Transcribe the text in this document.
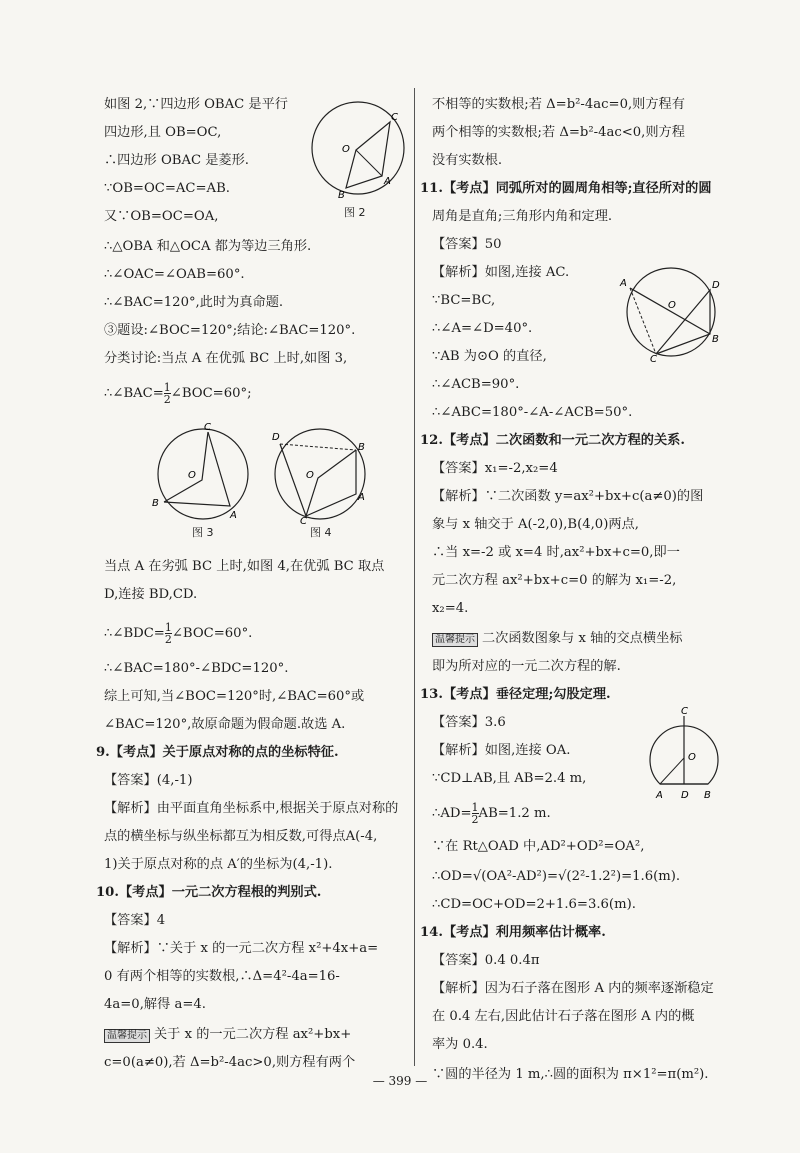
如图 2,∵四边形 OBAC 是平行
四边形,且 OB=OC,
∴四边形 OBAC 是菱形.
∵OB=OC=AC=AB.
又∵OB=OC=OA,
∴△OBA 和△OCA 都为等边三角形.
∴∠OAC=∠OAB=60°.
∴∠BAC=120°,此时为真命题.
③题设:∠BOC=120°;结论:∠BAC=120°.
分类讨论:当点 A 在优弧 BC 上时,如图 3,
∴∠BAC= $\frac{1}{2}$ ∠BOC=60°;
当点 A 在劣弧 BC 上时,如图 4,在优弧 BC 取点
D,连接 BD,CD.
∴∠BDC= $\frac{1}{2}$ ∠BOC=60°.
∴∠BAC=180°-∠BDC=120°.
综上可知,当∠BOC=120°时,∠BAC=60°或
∠BAC=120°,故原命题为假命题.故选 A.
9.【考点】关于原点对称的点的坐标特征.
【答案】(4,-1)
【解析】由平面直角坐标系中,根据关于原点对称的
点的横坐标与纵坐标都互为相反数,可得点A(-4,
1)关于原点对称的点 A′的坐标为(4,-1).
10.【考点】一元二次方程根的判别式.
【答案】4
【解析】∵关于 x 的一元二次方程 x²+4x+a=
0 有两个相等的实数根,∴Δ=4²-4a=16-
4a=0,解得 a=4.
温馨提示 关于 x 的一元二次方程 ax²+bx+
c=0(a≠0),若 Δ=b²-4ac>0,则方程有两个
O
C
A
B
图 2
C
O
B
A
图 3
D
B
O
A
C
图 4
不相等的实数根;若 Δ=b²-4ac=0,则方程有
两个相等的实数根;若 Δ=b²-4ac<0,则方程
没有实数根.
11.【考点】同弧所对的圆周角相等;直径所对的圆
周角是直角;三角形内角和定理.
【答案】50
【解析】如图,连接 AC.
∵BC=BC,
∴∠A=∠D=40°.
∵AB 为⊙O 的直径,
∴∠ACB=90°.
∴∠ABC=180°-∠A-∠ACB=50°.
12.【考点】二次函数和一元二次方程的关系.
【答案】x₁=-2,x₂=4
【解析】∵二次函数 y=ax²+bx+c(a≠0)的图
象与 x 轴交于 A(-2,0),B(4,0)两点,
∴当 x=-2 或 x=4 时,ax²+bx+c=0,即一
元二次方程 ax²+bx+c=0 的解为 x₁=-2,
x₂=4.
温馨提示 二次函数图象与 x 轴的交点横坐标
即为所对应的一元二次方程的解.
13.【考点】垂径定理;勾股定理.
【答案】3.6
【解析】如图,连接 OA.
∵CD⊥AB,且 AB=2.4 m,
∴AD= $\frac{1}{2} AB=1.2$ m.
∵在 Rt△OAD 中,AD²+OD²=OA²,
∴OD=√(OA²-AD²)=√(2²-1.2²)=1.6(m).
∴CD=OC+OD=2+1.6=3.6(m).
14.【考点】利用频率估计概率.
【答案】0.4 0.4π
【解析】因为石子落在图形 A 内的频率逐渐稳定
在 0.4 左右,因此估计石子落在图形 A 内的概
率为 0.4.
∵圆的半径为 1 m,∴圆的面积为 π×1²=π(m²).
A
O
D
B
C
C
O
A D B
— 399 —
